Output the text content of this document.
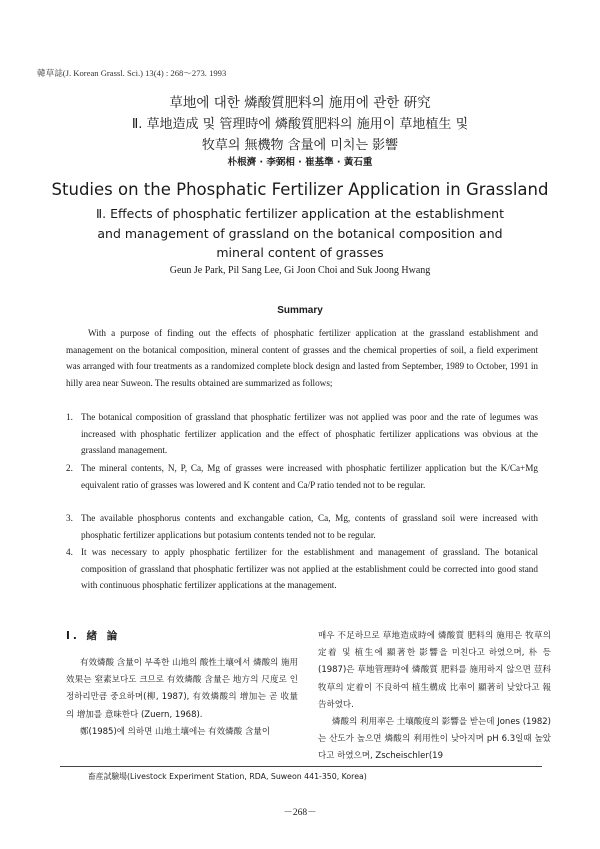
韓草誌(J. Korean Grassl. Sci.) 13(4) : 268～273. 1993
草地에 대한 燐酸質肥料의 施用에 관한 硏究
Ⅱ. 草地造成 및 管理時에 燐酸質肥料의 施用이 草地植生 및
牧草의 無機物 含量에 미치는 影響
朴根濟 · 李弼相 · 崔基準 · 黃石重
Studies on the Phosphatic Fertilizer Application in Grassland
Ⅱ. Effects of phosphatic fertilizer application at the establishment
and management of grassland on the botanical composition and
mineral content of grasses
Geun Je Park, Pil Sang Lee, Gi Joon Choi and Suk Joong Hwang
Summary
With a purpose of finding out the effects of phosphatic fertilizer application at the grassland establishment and management on the botanical composition, mineral content of grasses and the chemical properties of soil, a field experiment was arranged with four treatments as a randomized complete block design and lasted from September, 1989 to October, 1991 in hilly area near Suweon. The results obtained are summarized as follows;
1. The botanical composition of grassland that phosphatic fertilizer was not applied was poor and the rate of legumes was increased with phosphatic fertilizer application and the effect of phosphatic fertilizer applications was obvious at the grassland management.
2. The mineral contents, N, P, Ca, Mg of grasses were increased with phosphatic fertilizer application but the K/Ca+Mg equivalent ratio of grasses was lowered and K content and Ca/P ratio tended not to be regular.
3. The available phosphorus contents and exchangable cation, Ca, Mg, contents of grassland soil were increased with phosphatic fertilizer applications but potasium contents tended not to be regular.
4. It was necessary to apply phosphatic fertilizer for the establishment and management of grassland. The botanical composition of grassland that phosphatic fertilizer was not applied at the establishment could be corrected into good stand with continuous phosphatic fertilizer applications at the management.
Ⅰ. 緖 論
有效燐酸 含量이 부족한 山地의 酸性土壤에서 燐酸의 施用效果는 窒素보다도 크므로 有效燐酸 含量은 地方의 尺度로 인정하리만큼 중요하며(柳, 1987), 有效燐酸의 增加는 곧 收量의 增加를 意味한다 (Zuern, 1968).
鄭(1985)에 의하면 山地土壤에는 有效燐酸 含量이
매우 不足하므로 草地造成時에 燐酸質 肥料의 施用은 牧草의 定着 및 植生에 顯著한 影響을 미친다고 하였으며, 朴 등(1987)은 草地管理時에 燐酸質 肥料를 施用하지 않으면 荳科牧草의 定着이 不良하여 植生構成 比率이 顯著히 낮았다고 報告하였다.
燐酸의 利用率은 土壤酸度의 影響을 받는데 Jones (1982)는 산도가 높으면 燐酸의 利用性이 낮아지며 pH 6.3일때 높았다고 하였으며, Zscheischler(19
畜産試驗場(Livestock Experiment Station, RDA, Suweon 441-350, Korea)
－268－
